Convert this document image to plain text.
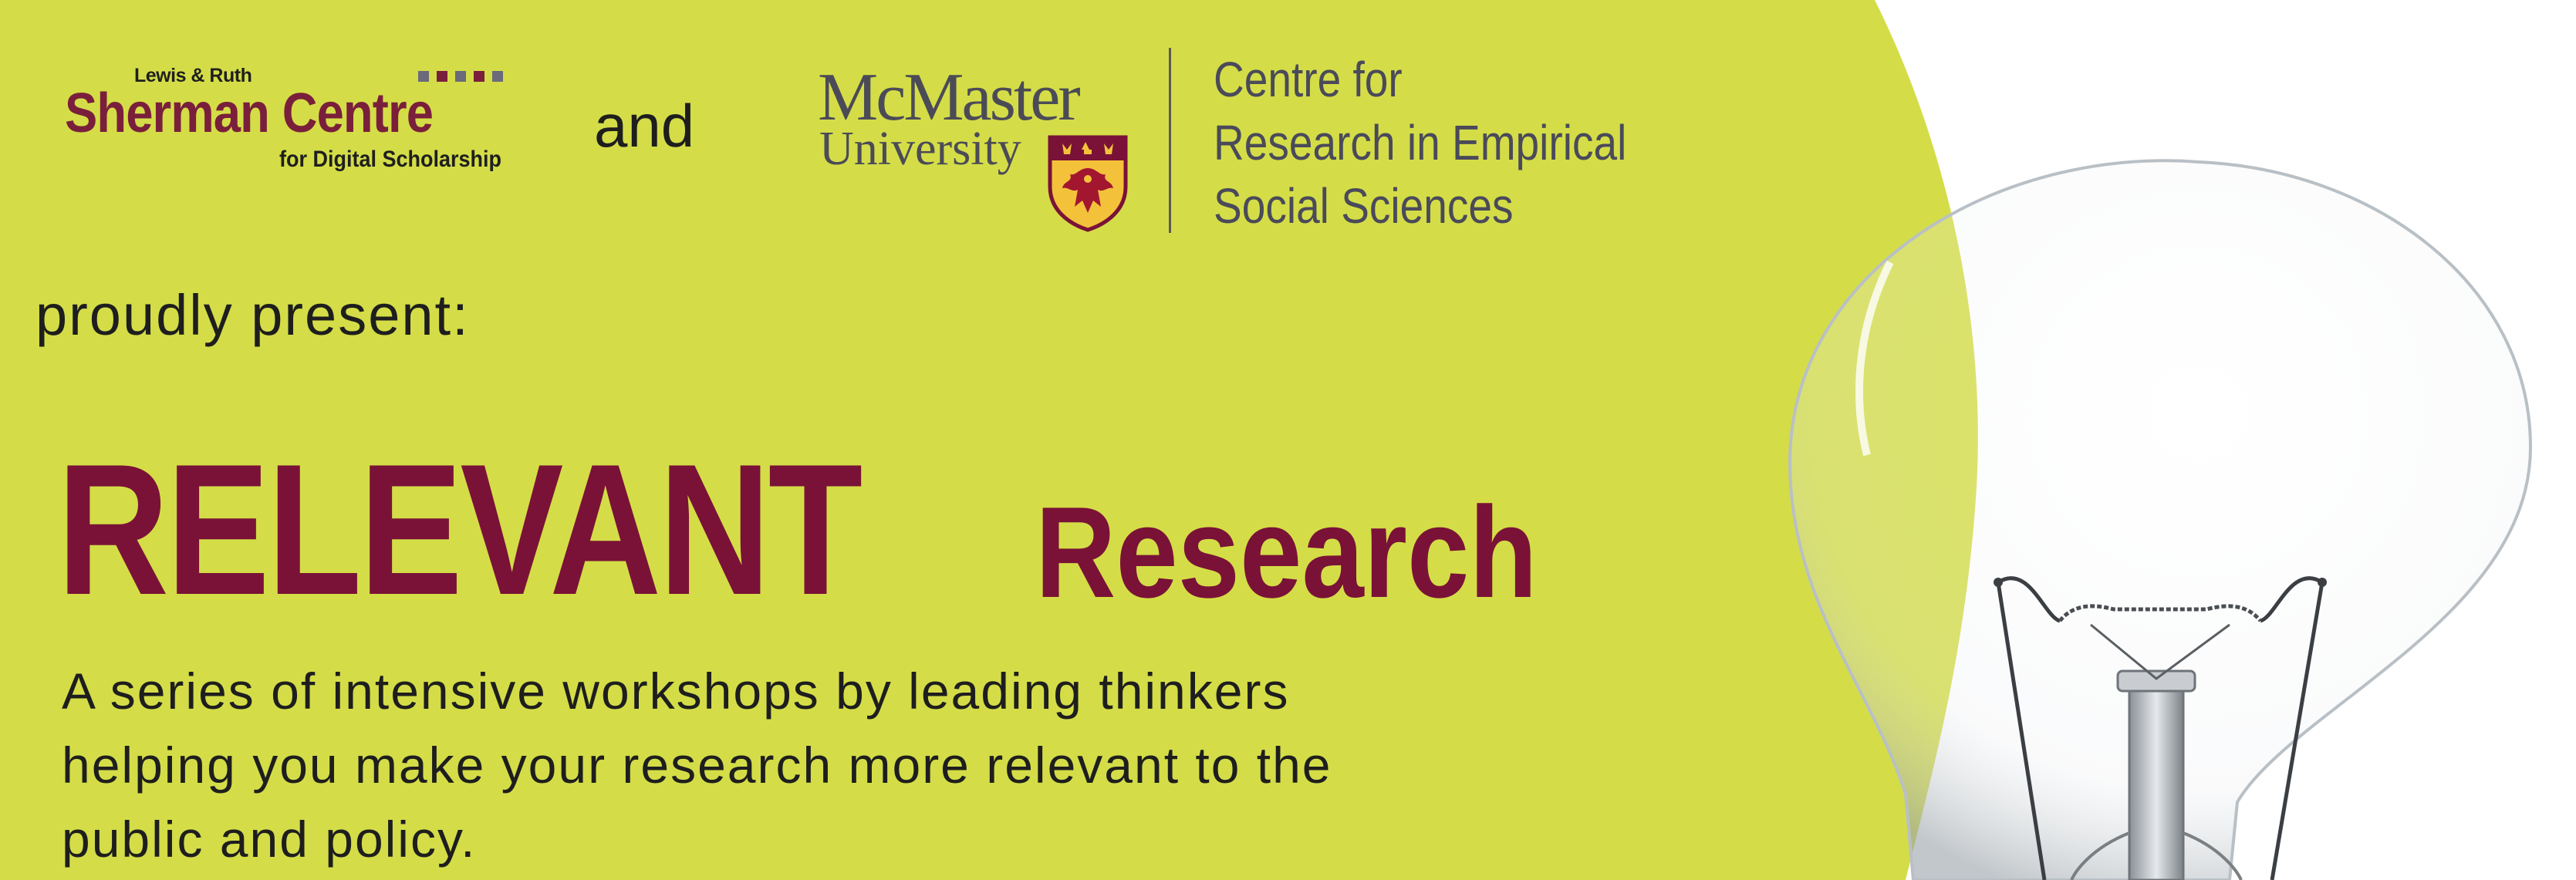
Lewis & Ruth
Sherman Centre
for Digital Scholarship and McMaster
University
Centre for
Research in Empirical
Social Sciences
proudly present:
RELEVANT Research
A series of intensive workshops by leading thinkers
helping you make your research more relevant to the
public and policy.
